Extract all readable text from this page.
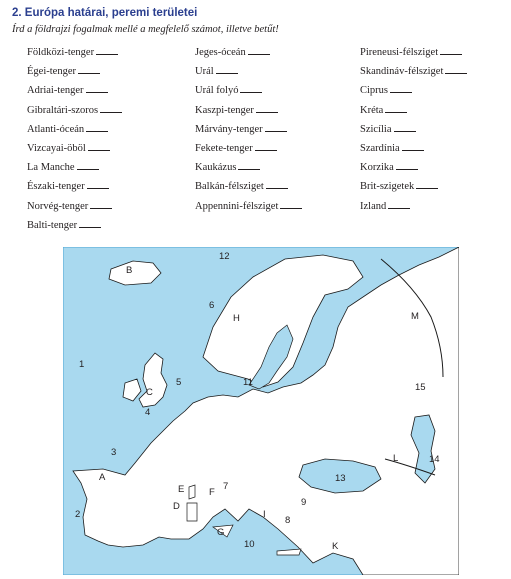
2. Európa határai, peremi területei
Írd a földrajzi fogalmak mellé a megfelelő számot, illetve betűt!
Földközi-tenger
Égei-tenger
Adriai-tenger
Gibraltári-szoros
Atlanti-óceán
Vizcayai-öböl
La Manche
Északi-tenger
Norvég-tenger
Balti-tenger
Jeges-óceán
Urál
Urál folyó
Kaszpi-tenger
Márvány-tenger
Fekete-tenger
Kaukázus
Balkán-félsziget
Appennini-félsziget
Pireneusi-félsziget
Skandináv-félsziget
Ciprus
Kréta
Szicília
Szardínia
Korzika
Brit-szigetek
Izland
1
2
3
4
5
6
7
8
9
10
11
12
13
14
15
A
B
C
D
E	F
G
H
I
K
L
M
